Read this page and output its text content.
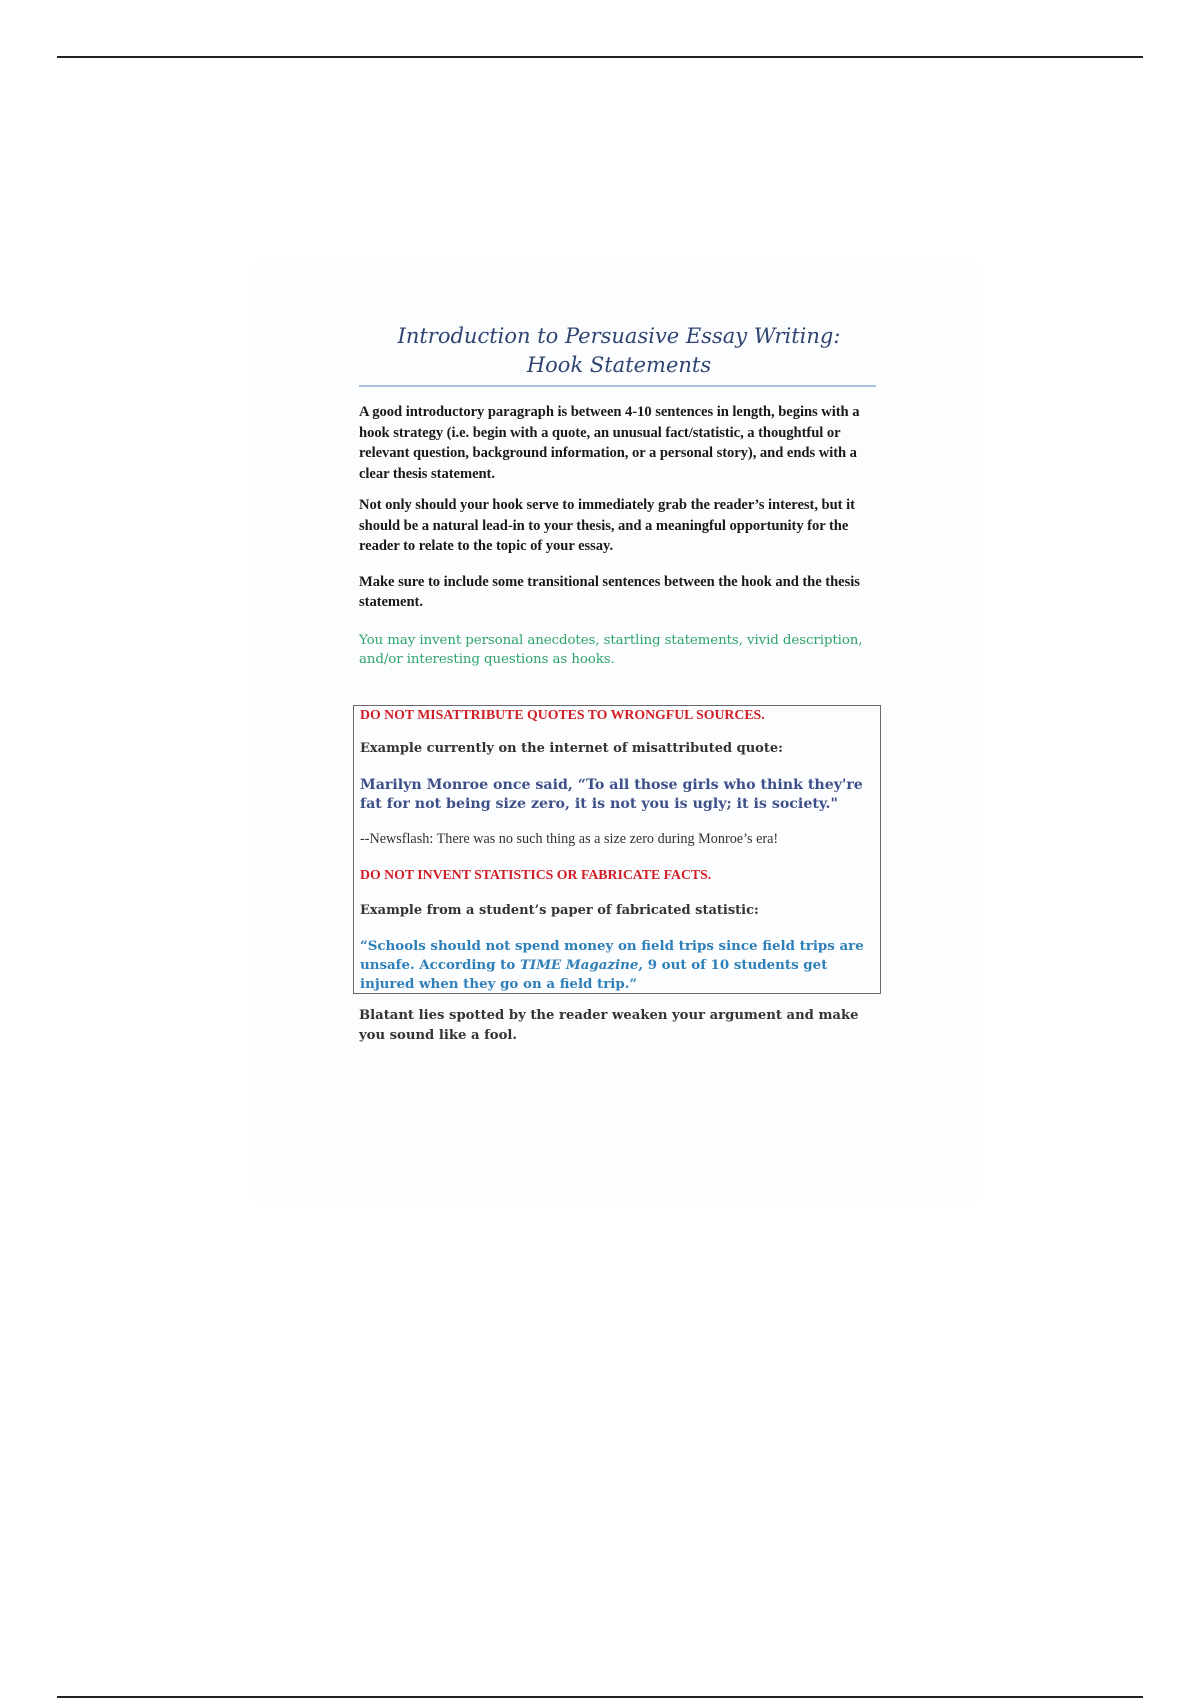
Introduction to Persuasive Essay Writing:
Hook Statements

A good introductory paragraph is between 4-10 sentences in length, begins with a hook strategy (i.e. begin with a quote, an unusual fact/statistic, a thoughtful or relevant question, background information, or a personal story), and ends with a clear thesis statement.

Not only should your hook serve to immediately grab the reader’s interest, but it should be a natural lead-in to your thesis, and a meaningful opportunity for the reader to relate to the topic of your essay.

Make sure to include some transitional sentences between the hook and the thesis statement.

You may invent personal anecdotes, startling statements, vivid description, and/or interesting questions as hooks.

DO NOT MISATTRIBUTE QUOTES TO WRONGFUL SOURCES.

Example currently on the internet of misattributed quote:

Marilyn Monroe once said, “To all those girls who think they're fat for not being size zero, it is not you is ugly; it is society."

--Newsflash: There was no such thing as a size zero during Monroe’s era!

DO NOT INVENT STATISTICS OR FABRICATE FACTS.

Example from a student’s paper of fabricated statistic:

“Schools should not spend money on field trips since field trips are unsafe. According to TIME Magazine, 9 out of 10 students get injured when they go on a field trip.”

Blatant lies spotted by the reader weaken your argument and make you sound like a fool.
